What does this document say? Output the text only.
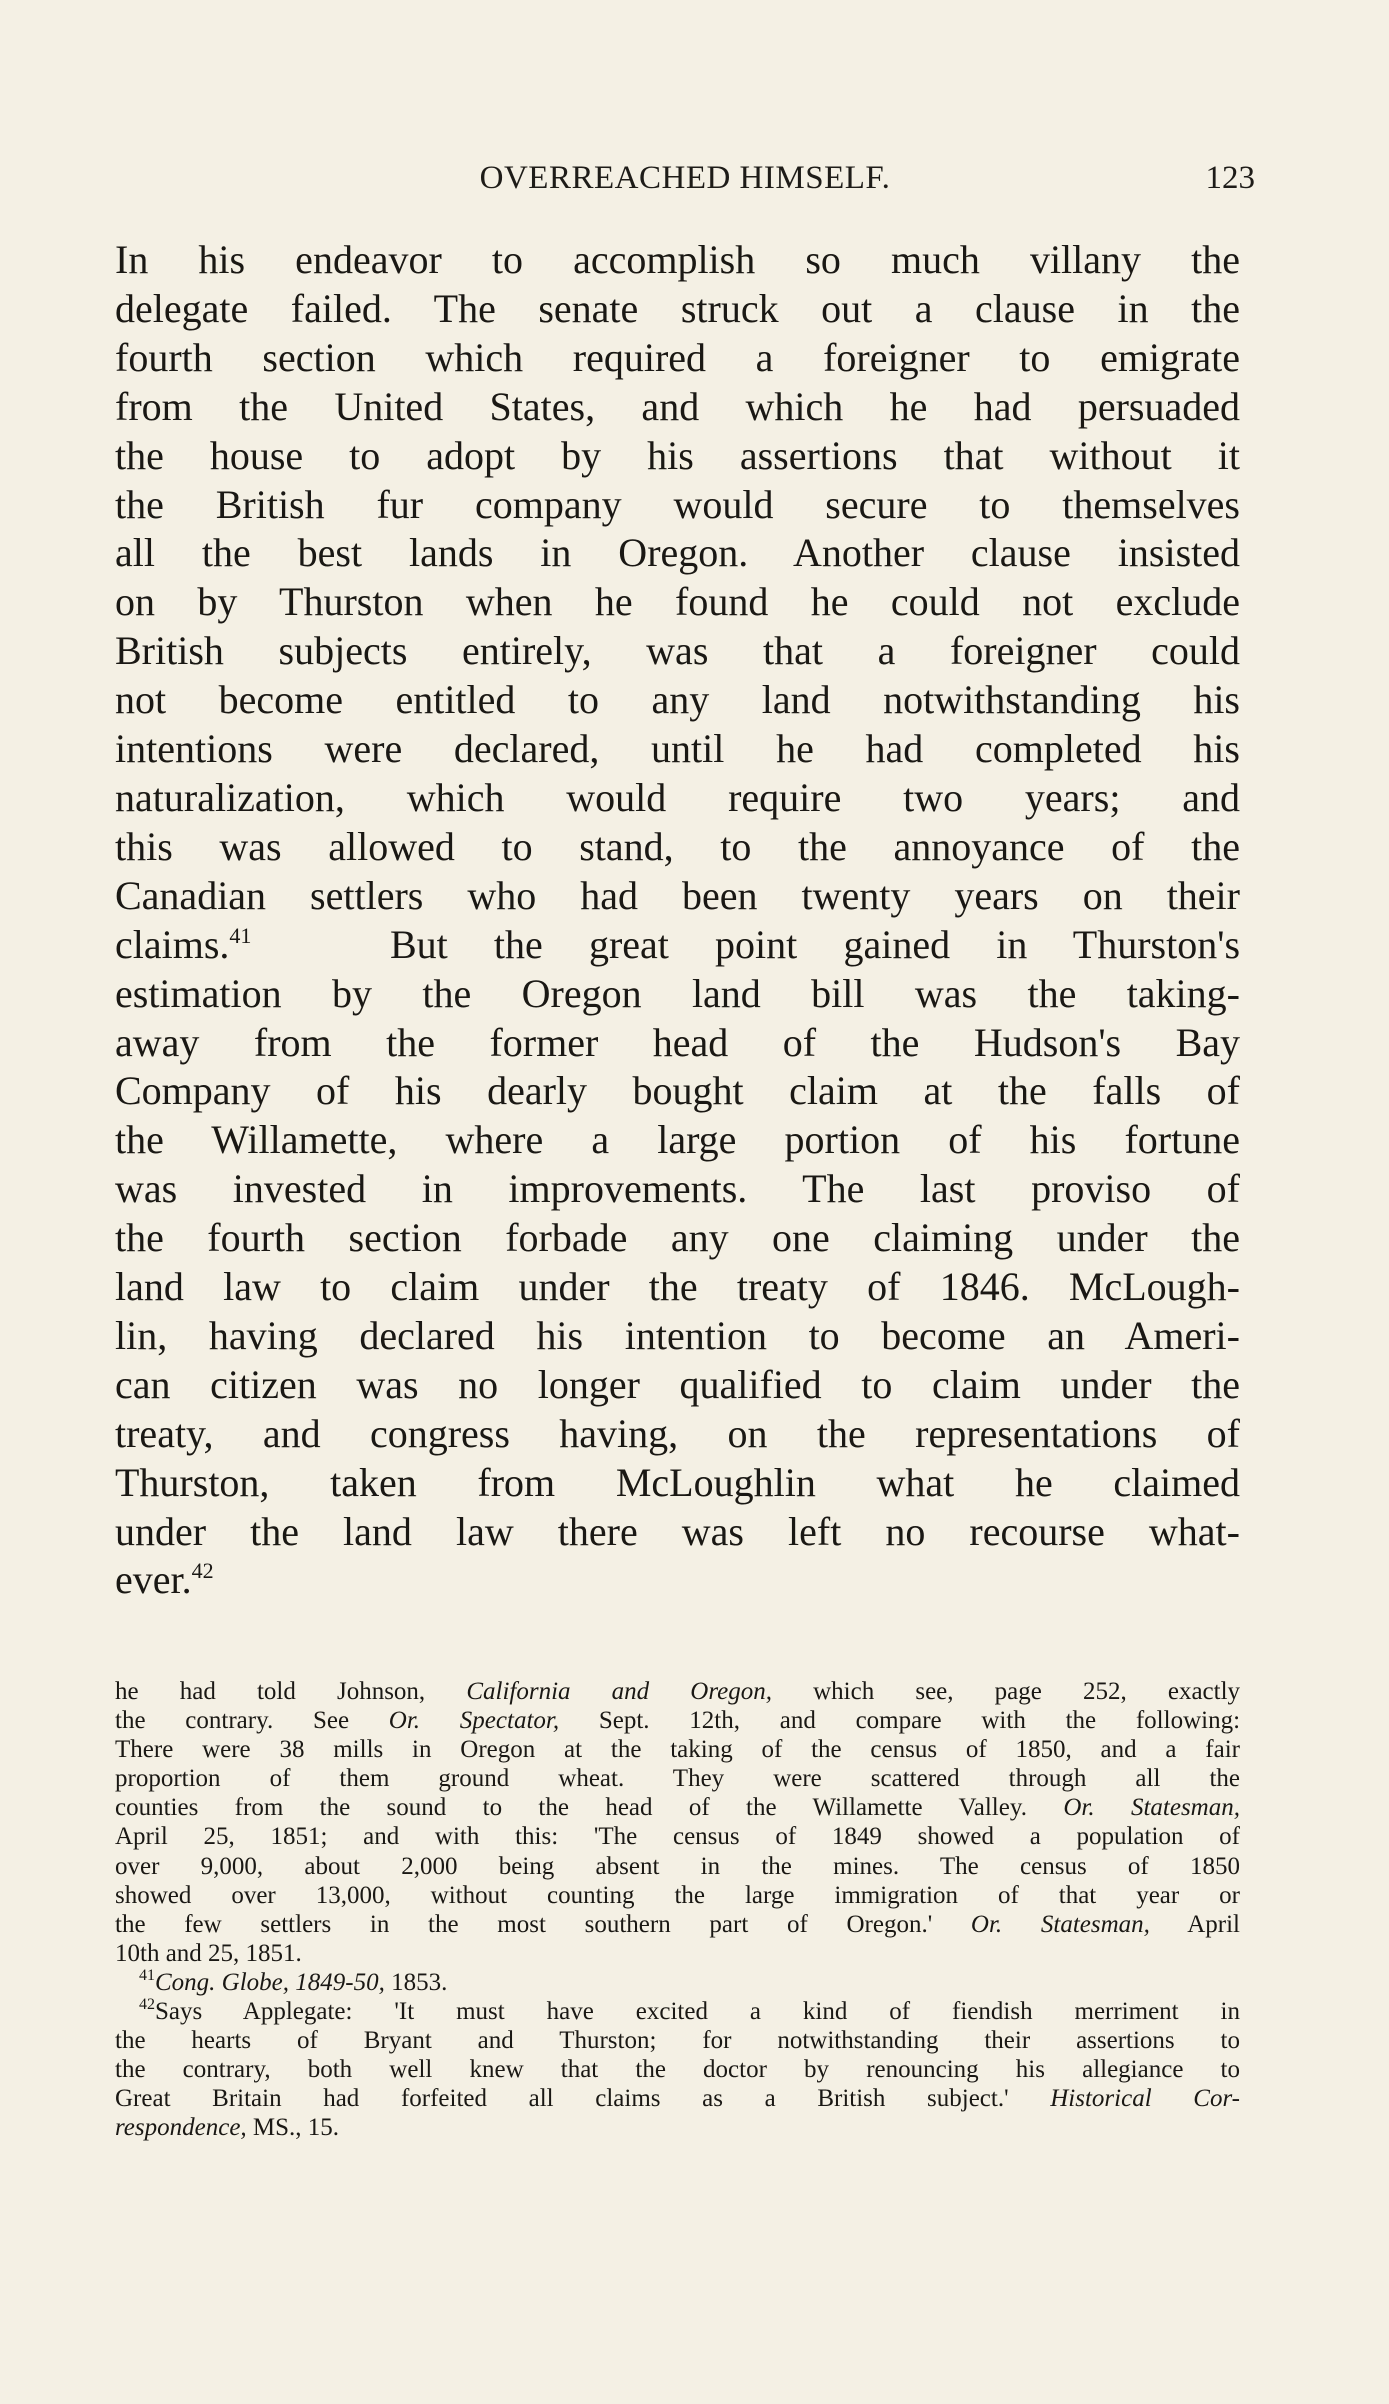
OVERREACHED HIMSELF.	123

In his endeavor to accomplish so much villany the
delegate failed. The senate struck out a clause in the
fourth section which required a foreigner to emigrate
from the United States, and which he had persuaded
the house to adopt by his assertions that without it
the British fur company would secure to themselves
all the best lands in Oregon. Another clause insisted
on by Thurston when he found he could not exclude
British subjects entirely, was that a foreigner could
not become entitled to any land notwithstanding his
intentions were declared, until he had completed his
naturalization, which would require two years; and
this was allowed to stand, to the annoyance of the
Canadian settlers who had been twenty years on their
claims.$^{41}$	But the great point gained in Thurston's
estimation by the Oregon land bill was the taking-
away from the former head of the Hudson's Bay
Company of his dearly bought claim at the falls of
the Willamette, where a large portion of his fortune
was invested in improvements. The last proviso of
the fourth section forbade any one claiming under the
land law to claim under the treaty of 1846. McLough-
lin, having declared his intention to become an Ameri-
can citizen was no longer qualified to claim under the
treaty, and congress having, on the representations of
Thurston, taken from McLoughlin what he claimed
under the land law there was left no recourse what-
ever.$^{42}$

he had told Johnson, California and Oregon, which see, page 252, exactly
the contrary. See Or. Spectator, Sept. 12th, and compare with the following:
There were 38 mills in Oregon at the taking of the census of 1850, and a fair
proportion of them ground wheat. They were scattered through all the
counties from the sound to the head of the Willamette Valley. Or. Statesman,
April 25, 1851; and with this: 'The census of 1849 showed a population of
over 9,000, about 2,000 being absent in the mines. The census of 1850
showed over 13,000, without counting the large immigration of that year or
the few settlers in the most southern part of Oregon.' Or. Statesman, April
10th and 25, 1851.
$^{41}$Cong. Globe, 1849-50, 1853.
$^{42}$Says Applegate: 'It must have excited a kind of fiendish merriment in
the hearts of Bryant and Thurston; for notwithstanding their assertions to
the contrary, both well knew that the doctor by renouncing his allegiance to
Great Britain had forfeited all claims as a British subject.' Historical Cor-
respondence, MS., 15.
